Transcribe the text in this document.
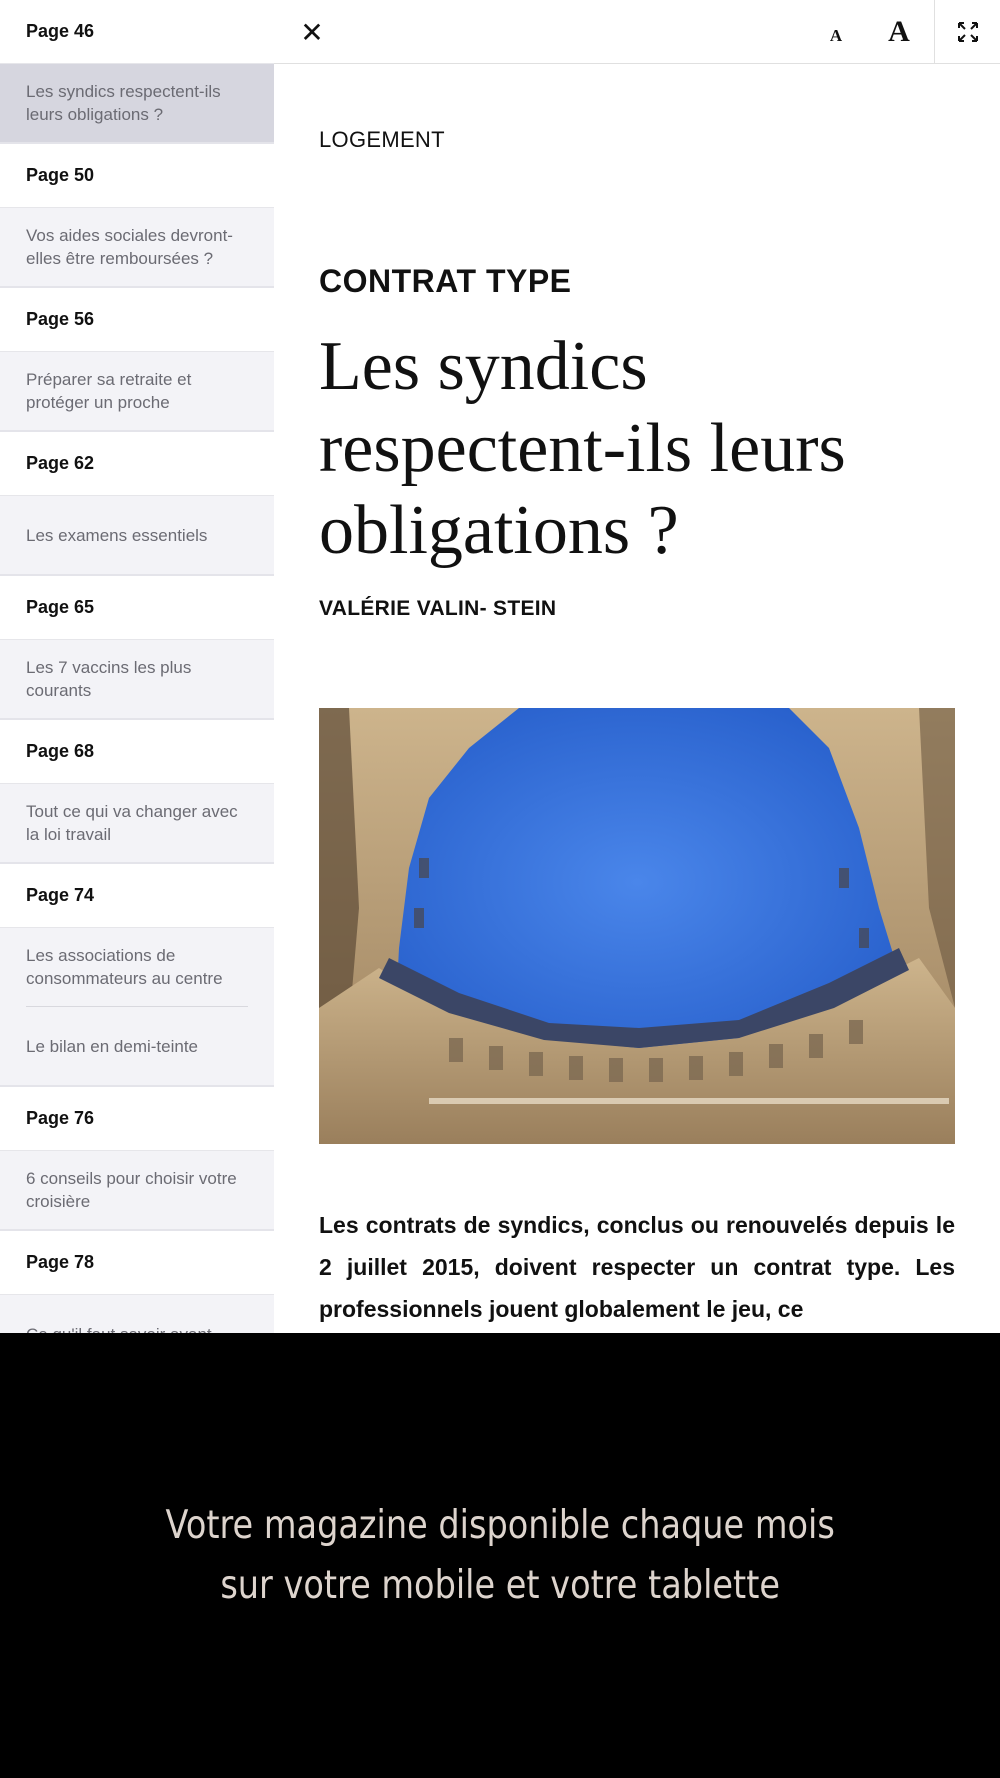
Page 46
Les syndics respectent-ils leurs obligations ?
Page 50
Vos aides sociales devront-elles être remboursées ?
Page 56
Préparer sa retraite et protéger un proche
Page 62
Les examens essentiels
Page 65
Les 7 vaccins les plus courants
Page 68
Tout ce qui va changer avec la loi travail
Page 74
Les associations de consommateurs au centre
Le bilan en demi-teinte
Page 76
6 conseils pour choisir votre croisière
Page 78
✕	A	A
LOGEMENT
CONTRAT TYPE
Les syndics respectent-ils leurs obligations ?
VALÉRIE VALIN- STEIN
Les contrats de syndics, conclus ou renouvelés depuis le 2 juillet 2015, doivent respecter un contrat type. Les professionnels jouent globalement le jeu, ce
Votre magazine disponible chaque mois
sur votre mobile et votre tablette
